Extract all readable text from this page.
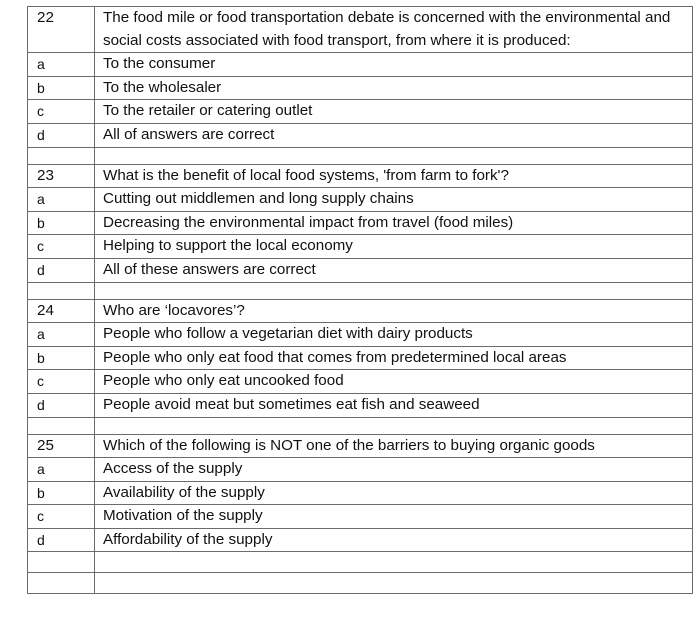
22	The food mile or food transportation debate is concerned with the environmental and social costs associated with food transport, from where it is produced:
a	To the consumer
b	To the wholesaler
c	To the retailer or catering outlet
d	All of answers are correct

23	What is the benefit of local food systems, 'from farm to fork'?
a	Cutting out middlemen and long supply chains
b	Decreasing the environmental impact from travel (food miles)
c	Helping to support the local economy
d	All of these answers are correct

24	Who are ‘locavores’?
a	People who follow a vegetarian diet with dairy products
b	People who only eat food that comes from predetermined local areas
c	People who only eat uncooked food
d	People avoid meat but sometimes eat fish and seaweed

25	Which of the following is NOT one of the barriers to buying organic goods
a	Access of the supply
b	Availability of the supply
c	Motivation of the supply
d	Affordability of the supply
